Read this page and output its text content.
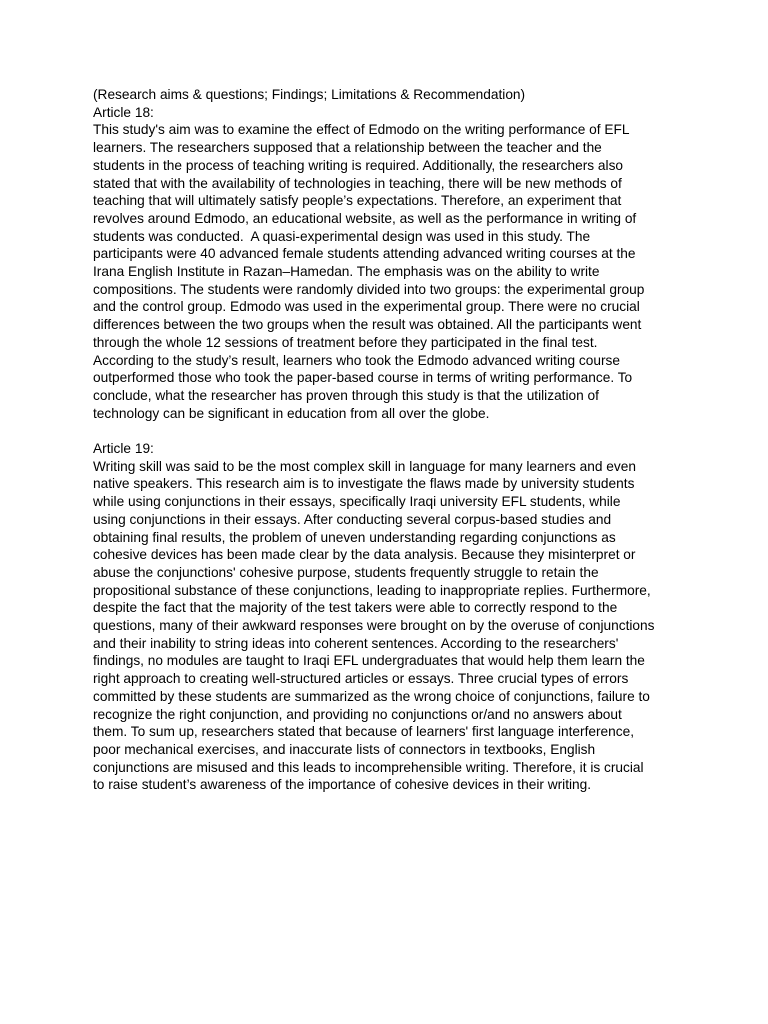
(Research aims & questions; Findings; Limitations & Recommendation)
Article 18:
This study's aim was to examine the effect of Edmodo on the writing performance of EFL
learners. The researchers supposed that a relationship between the teacher and the
students in the process of teaching writing is required. Additionally, the researchers also
stated that with the availability of technologies in teaching, there will be new methods of
teaching that will ultimately satisfy people’s expectations. Therefore, an experiment that
revolves around Edmodo, an educational website, as well as the performance in writing of
students was conducted.  A quasi-experimental design was used in this study. The
participants were 40 advanced female students attending advanced writing courses at the
Irana English Institute in Razan–Hamedan. The emphasis was on the ability to write
compositions. The students were randomly divided into two groups: the experimental group
and the control group. Edmodo was used in the experimental group. There were no crucial
differences between the two groups when the result was obtained. All the participants went
through the whole 12 sessions of treatment before they participated in the final test.
According to the study’s result, learners who took the Edmodo advanced writing course
outperformed those who took the paper-based course in terms of writing performance. To
conclude, what the researcher has proven through this study is that the utilization of
technology can be significant in education from all over the globe.
Article 19:
Writing skill was said to be the most complex skill in language for many learners and even
native speakers. This research aim is to investigate the flaws made by university students
while using conjunctions in their essays, specifically Iraqi university EFL students, while
using conjunctions in their essays. After conducting several corpus-based studies and
obtaining final results, the problem of uneven understanding regarding conjunctions as
cohesive devices has been made clear by the data analysis. Because they misinterpret or
abuse the conjunctions' cohesive purpose, students frequently struggle to retain the
propositional substance of these conjunctions, leading to inappropriate replies. Furthermore,
despite the fact that the majority of the test takers were able to correctly respond to the
questions, many of their awkward responses were brought on by the overuse of conjunctions
and their inability to string ideas into coherent sentences. According to the researchers'
findings, no modules are taught to Iraqi EFL undergraduates that would help them learn the
right approach to creating well-structured articles or essays. Three crucial types of errors
committed by these students are summarized as the wrong choice of conjunctions, failure to
recognize the right conjunction, and providing no conjunctions or/and no answers about
them. To sum up, researchers stated that because of learners' first language interference,
poor mechanical exercises, and inaccurate lists of connectors in textbooks, English
conjunctions are misused and this leads to incomprehensible writing. Therefore, it is crucial
to raise student’s awareness of the importance of cohesive devices in their writing.
